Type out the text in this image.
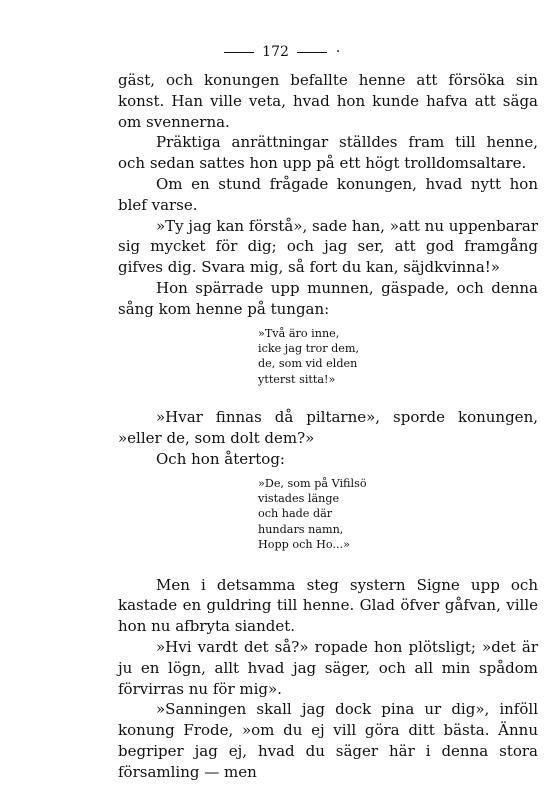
172	·

gäst, och konungen befallte henne att försöka sin konst. Han ville veta, hvad hon kunde hafva att säga om svennerna.

Präktiga anrättningar ställdes fram till henne, och sedan sattes hon upp på ett högt trolldomsaltare.

Om en stund frågade konungen, hvad nytt hon blef varse.

»Ty jag kan förstå», sade han, »att nu uppenbarar sig mycket för dig; och jag ser, att god framgång gifves dig. Svara mig, så fort du kan, säjdkvinna!»

Hon spärrade upp munnen, gäspade, och denna sång kom henne på tungan:

»Två äro inne,
icke jag tror dem,
de, som vid elden
ytterst sitta!»

»Hvar finnas då piltarne», sporde konungen, »eller de, som dolt dem?»

Och hon återtog:

»De, som på Vifilsö
vistades länge
och hade där
hundars namn,
Hopp och Ho...»

Men i detsamma steg systern Signe upp och kastade en guldring till henne. Glad öfver gåfvan, ville hon nu afbryta siandet.

»Hvi vardt det så?» ropade hon plötsligt; »det är ju en lögn, allt hvad jag säger, och all min spådom förvirras nu för mig».

»Sanningen skall jag dock pina ur dig», inföll konung Frode, »om du ej vill göra ditt bästa. Ännu begriper jag ej, hvad du säger här i denna stora församling — men
